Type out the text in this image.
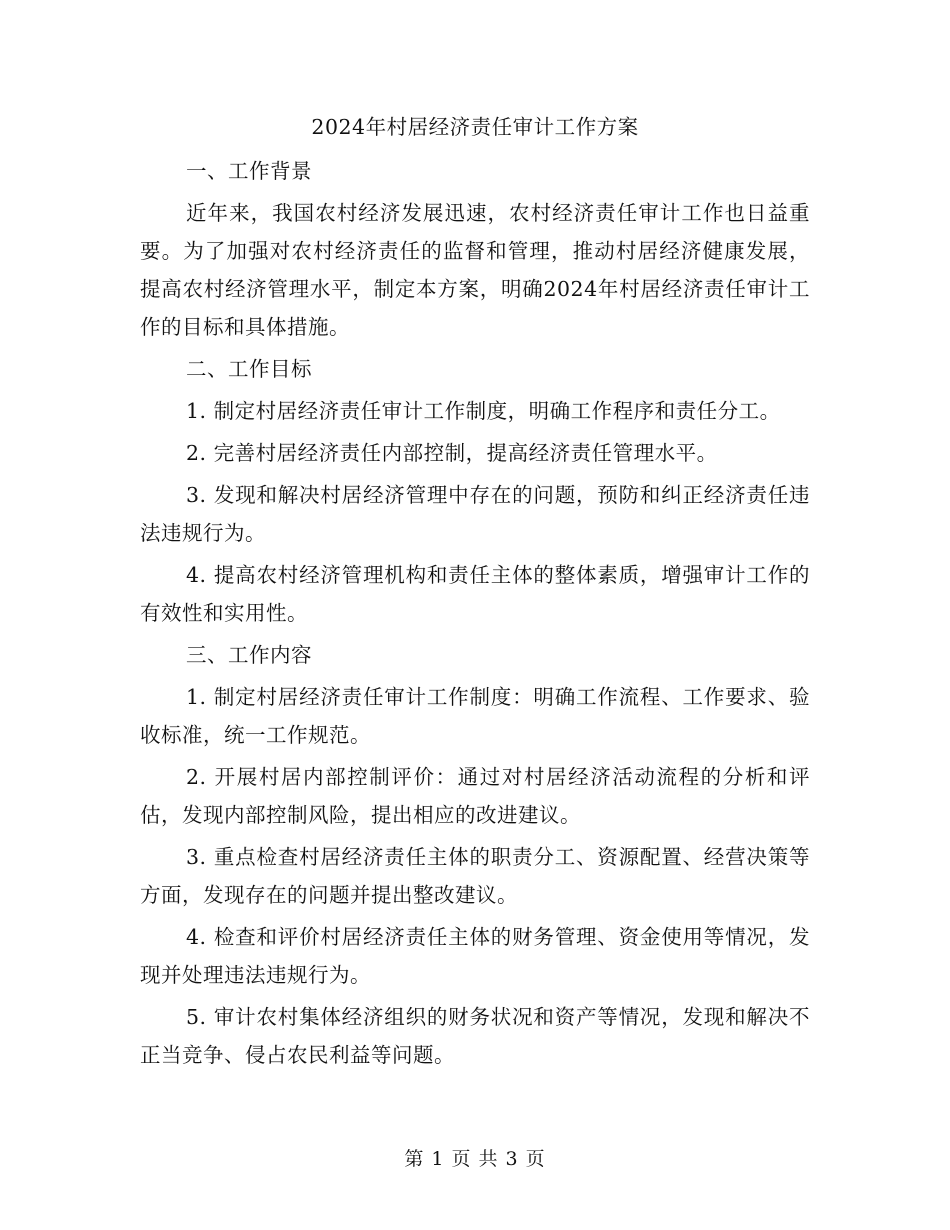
2024年村居经济责任审计工作方案
一、工作背景
近年来，我国农村经济发展迅速，农村经济责任审计工作也日益重要。为了加强对农村经济责任的监督和管理，推动村居经济健康发展，提高农村经济管理水平，制定本方案，明确2024年村居经济责任审计工作的目标和具体措施。
二、工作目标
1. 制定村居经济责任审计工作制度，明确工作程序和责任分工。
2. 完善村居经济责任内部控制，提高经济责任管理水平。
3. 发现和解决村居经济管理中存在的问题，预防和纠正经济责任违法违规行为。
4. 提高农村经济管理机构和责任主体的整体素质，增强审计工作的有效性和实用性。
三、工作内容
1. 制定村居经济责任审计工作制度：明确工作流程、工作要求、验收标准，统一工作规范。
2. 开展村居内部控制评价：通过对村居经济活动流程的分析和评估，发现内部控制风险，提出相应的改进建议。
3. 重点检查村居经济责任主体的职责分工、资源配置、经营决策等方面，发现存在的问题并提出整改建议。
4. 检查和评价村居经济责任主体的财务管理、资金使用等情况，发现并处理违法违规行为。
5. 审计农村集体经济组织的财务状况和资产等情况，发现和解决不正当竞争、侵占农民利益等问题。
第 1 页 共 3 页
